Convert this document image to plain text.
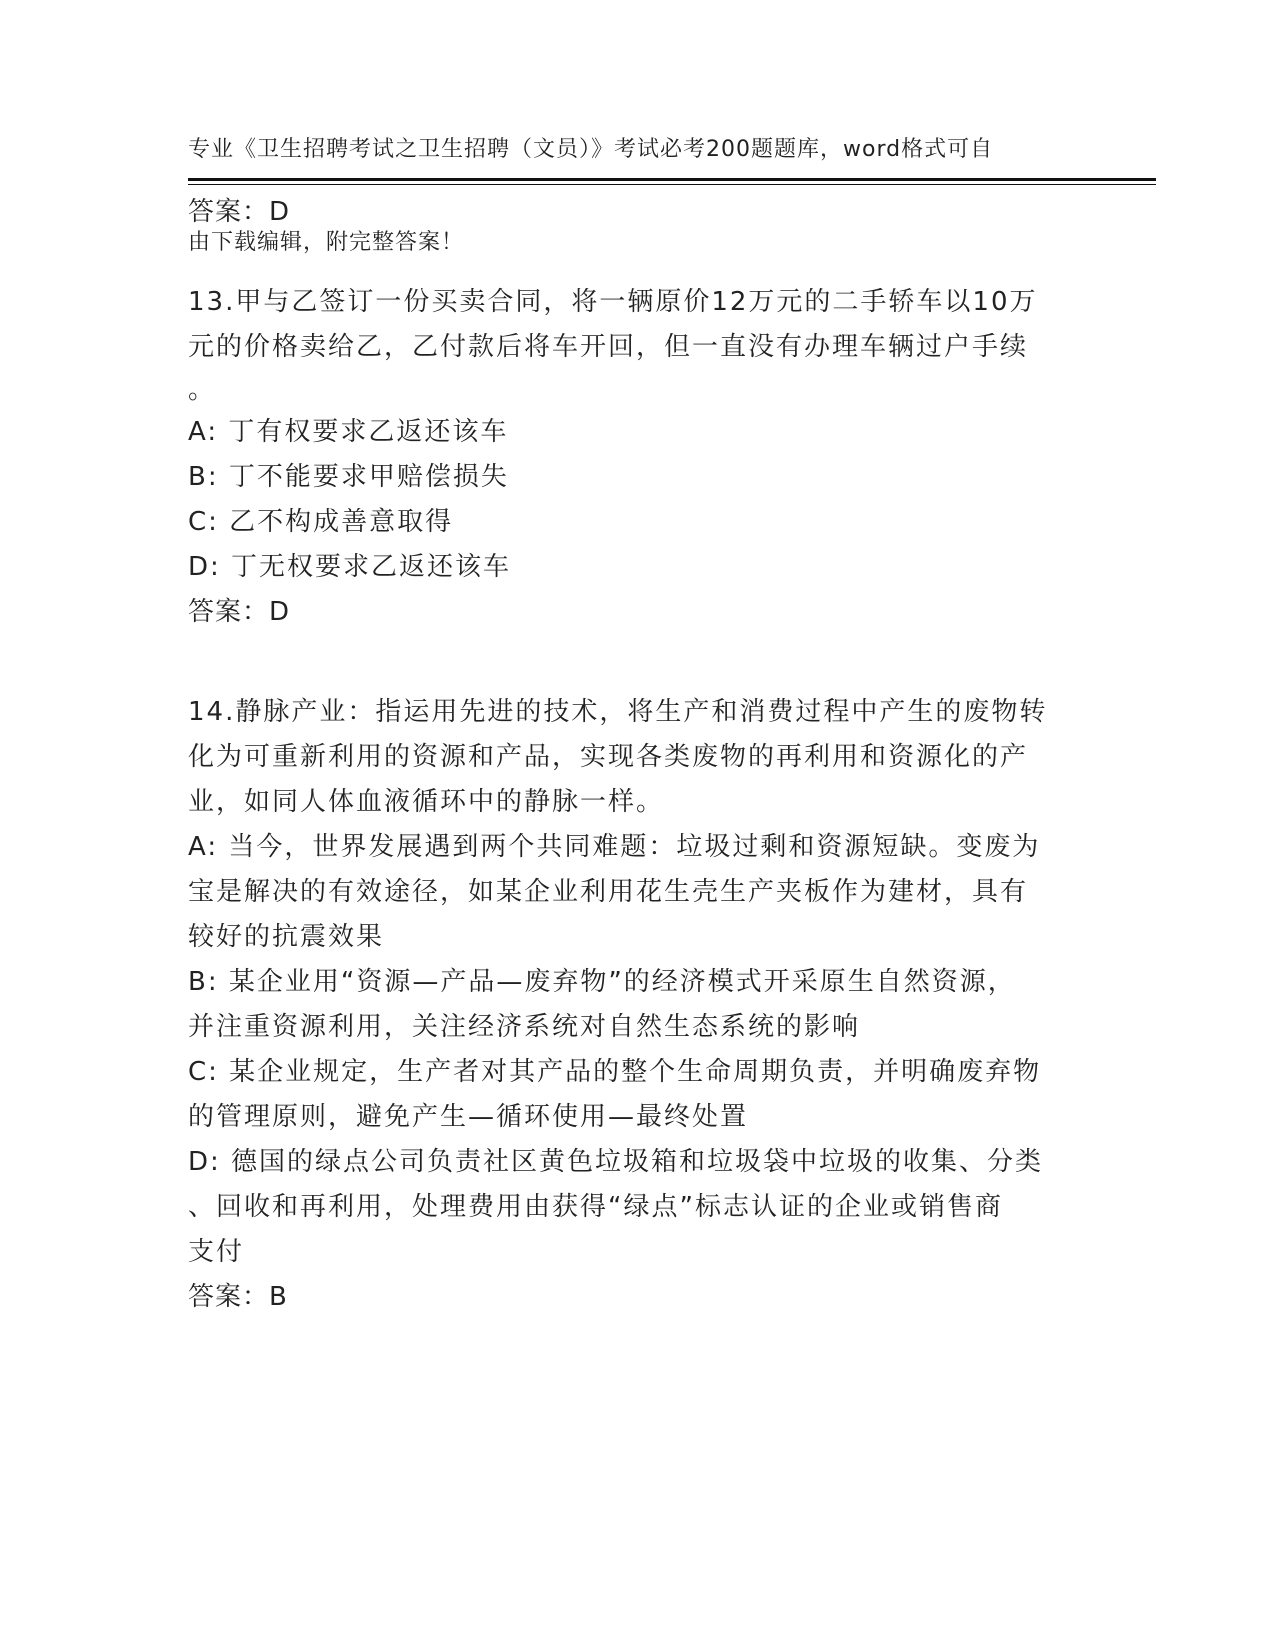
专业《卫生招聘考试之卫生招聘（文员）》考试必考200题题库，word格式可自

由下载编辑，附完整答案！

答案：D
13.甲与乙签订一份买卖合同，将一辆原价12万元的二手轿车以10万
元的价格卖给乙，乙付款后将车开回，但一直没有办理车辆过户手续
。
A: 丁有权要求乙返还该车
B: 丁不能要求甲赔偿损失
C: 乙不构成善意取得
D: 丁无权要求乙返还该车
答案：D
14.静脉产业：指运用先进的技术，将生产和消费过程中产生的废物转
化为可重新利用的资源和产品，实现各类废物的再利用和资源化的产
业，如同人体血液循环中的静脉一样。
A: 当今，世界发展遇到两个共同难题：垃圾过剩和资源短缺。变废为
宝是解决的有效途径，如某企业利用花生壳生产夹板作为建材，具有
较好的抗震效果
B: 某企业用“资源—产品—废弃物”的经济模式开采原生自然资源，
并注重资源利用，关注经济系统对自然生态系统的影响
C: 某企业规定，生产者对其产品的整个生命周期负责，并明确废弃物
的管理原则，避免产生—循环使用—最终处置
D: 德国的绿点公司负责社区黄色垃圾箱和垃圾袋中垃圾的收集、分类
、回收和再利用，处理费用由获得“绿点”标志认证的企业或销售商
支付
答案：B
